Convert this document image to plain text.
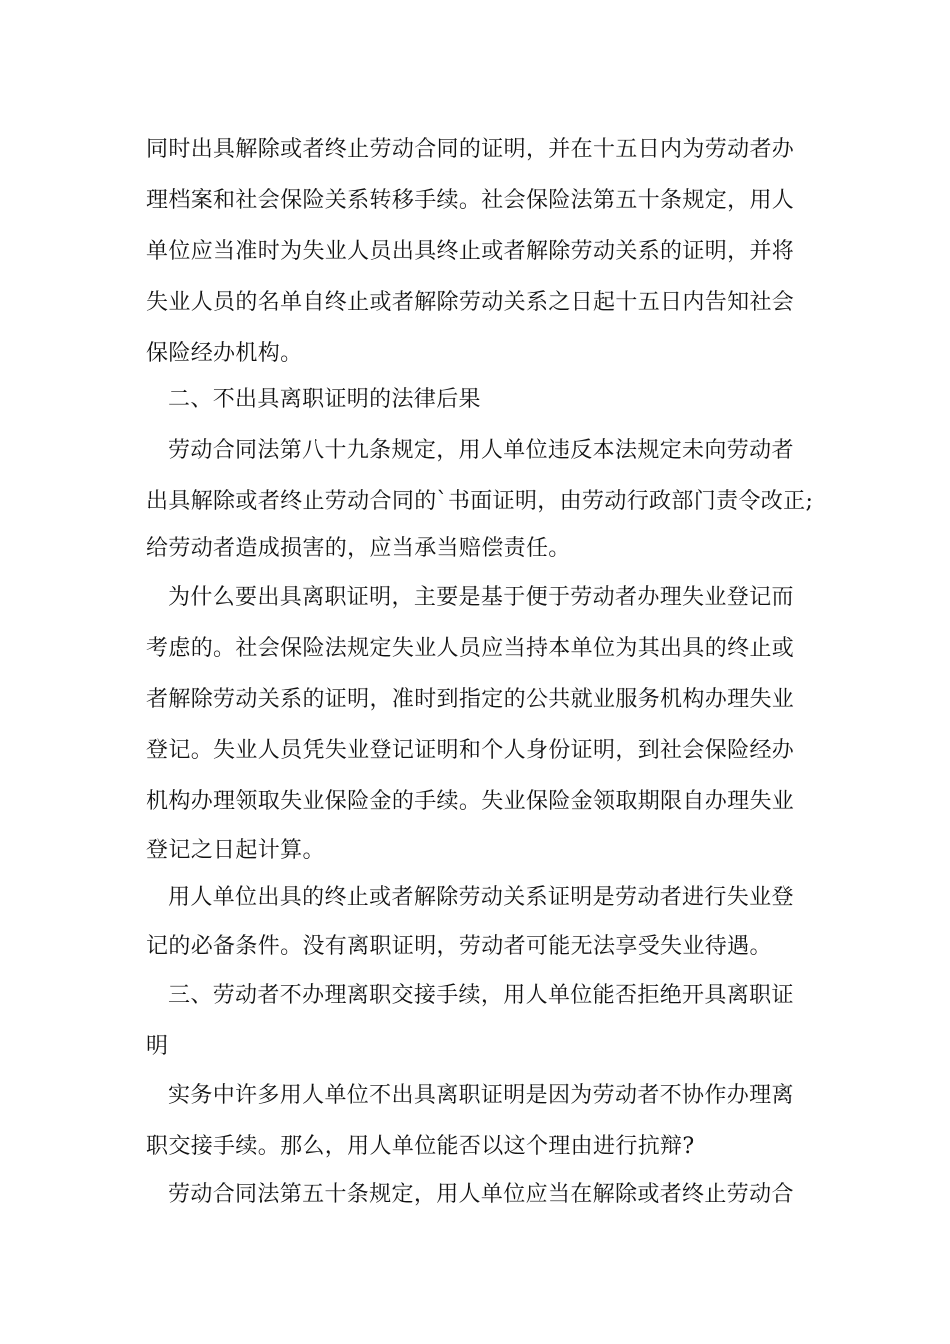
同时出具解除或者终止劳动合同的证明，并在十五日内为劳动者办

理档案和社会保险关系转移手续。社会保险法第五十条规定，用人

单位应当准时为失业人员出具终止或者解除劳动关系的证明，并将

失业人员的名单自终止或者解除劳动关系之日起十五日内告知社会

保险经办机构。

二、不出具离职证明的法律后果

劳动合同法第八十九条规定，用人单位违反本法规定未向劳动者

出具解除或者终止劳动合同的`书面证明，由劳动行政部门责令改正;

给劳动者造成损害的，应当承当赔偿责任。

为什么要出具离职证明，主要是基于便于劳动者办理失业登记而

考虑的。社会保险法规定失业人员应当持本单位为其出具的终止或

者解除劳动关系的证明，准时到指定的公共就业服务机构办理失业

登记。失业人员凭失业登记证明和个人身份证明，到社会保险经办

机构办理领取失业保险金的手续。失业保险金领取期限自办理失业

登记之日起计算。

用人单位出具的终止或者解除劳动关系证明是劳动者进行失业登

记的必备条件。没有离职证明，劳动者可能无法享受失业待遇。

三、劳动者不办理离职交接手续，用人单位能否拒绝开具离职证

明

实务中许多用人单位不出具离职证明是因为劳动者不协作办理离

职交接手续。那么，用人单位能否以这个理由进行抗辩?

劳动合同法第五十条规定，用人单位应当在解除或者终止劳动合
